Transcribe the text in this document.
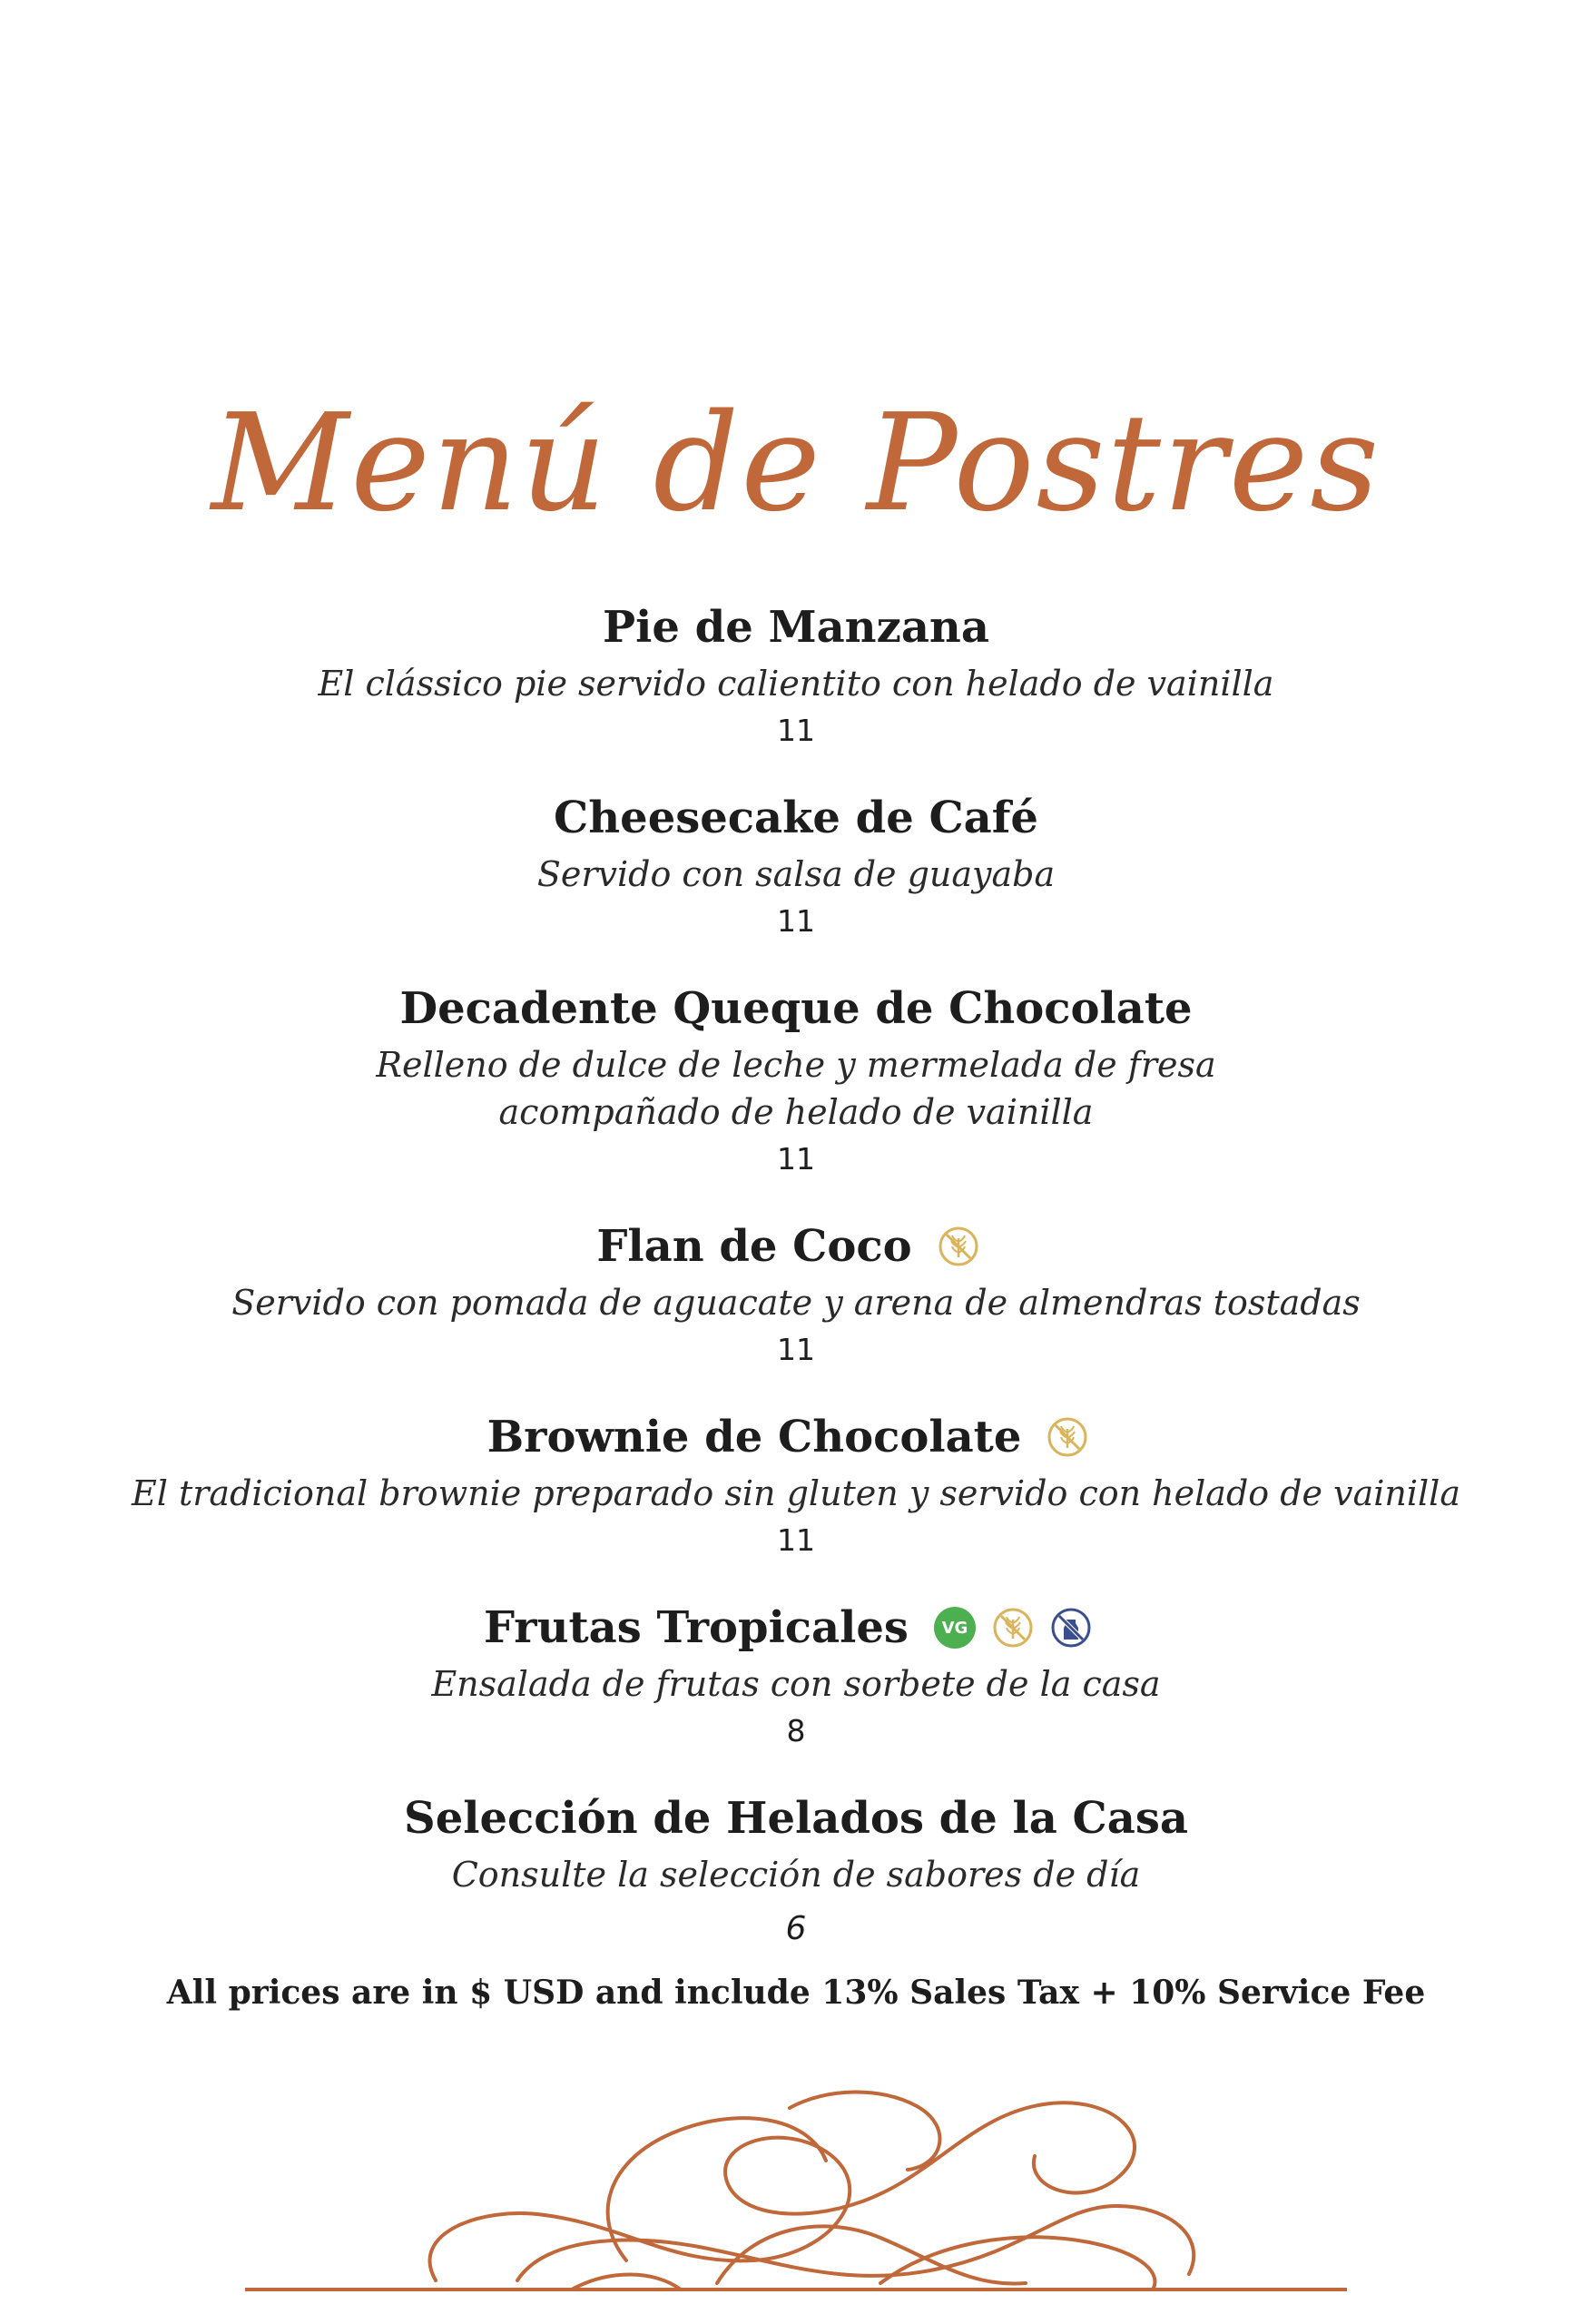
Menú de Postres
Pie de Manzana
El clássico pie servido calientito con helado de vainilla
11
Cheesecake de Café
Servido con salsa de guayaba
11
Decadente Queque de Chocolate
Relleno de dulce de leche y mermelada de fresa
acompañado de helado de vainilla
11
Flan de Coco
Servido con pomada de aguacate y arena de almendras tostadas
11
Brownie de Chocolate
El tradicional brownie preparado sin gluten y servido con helado de vainilla
11
Frutas Tropicales VG
Ensalada de frutas con sorbete de la casa
8
Selección de Helados de la Casa
Consulte la selección de sabores de día
6
All prices are in $ USD and include 13% Sales Tax + 10% Service Fee
